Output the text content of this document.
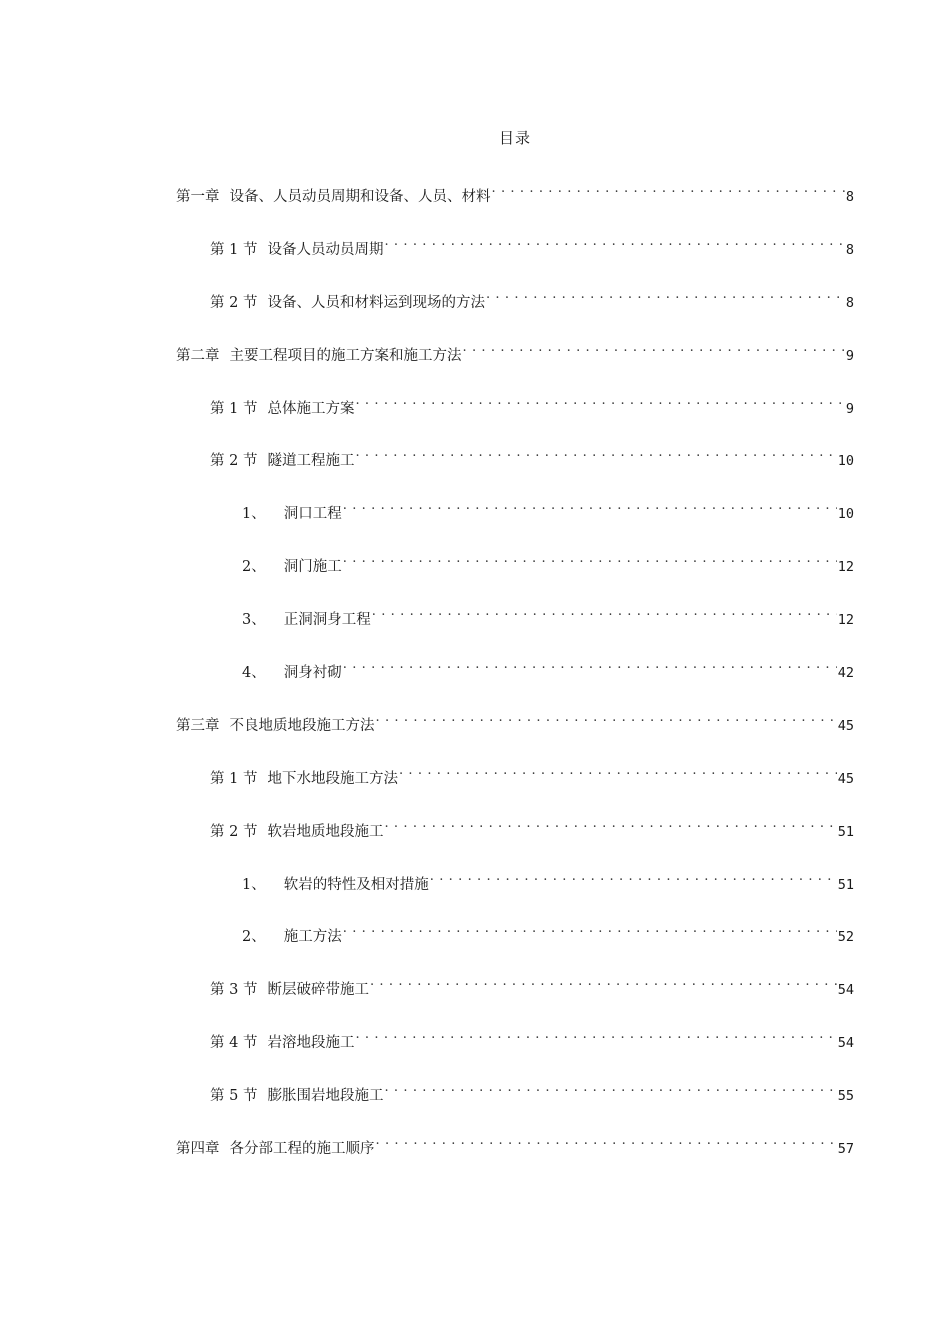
目录
第一章 设备、人员动员周期和设备、人员、材料 . . .	8
第 1 节 设备人员动员周期 . . .	8
第 2 节 设备、人员和材料运到现场的方法 . . .	8
第二章 主要工程项目的施工方案和施工方法 . . .	9
第 1 节 总体施工方案 . . .	9
第 2 节 隧道工程施工 . . .	10
1、 洞口工程 . . .	10
2、 洞门施工 . . .	12
3、 正洞洞身工程 . . .	12
4、 洞身衬砌 . . .	42
第三章 不良地质地段施工方法 . . .	45
第 1 节 地下水地段施工方法 . . .	45
第 2 节 软岩地质地段施工 . . .	51
1、 软岩的特性及相对措施 . . .	51
2、 施工方法 . . .	52
第 3 节 断层破碎带施工 . . .	54
第 4 节 岩溶地段施工 . . .	54
第 5 节 膨胀围岩地段施工 . . .	55
第四章 各分部工程的施工顺序 . . .	57
